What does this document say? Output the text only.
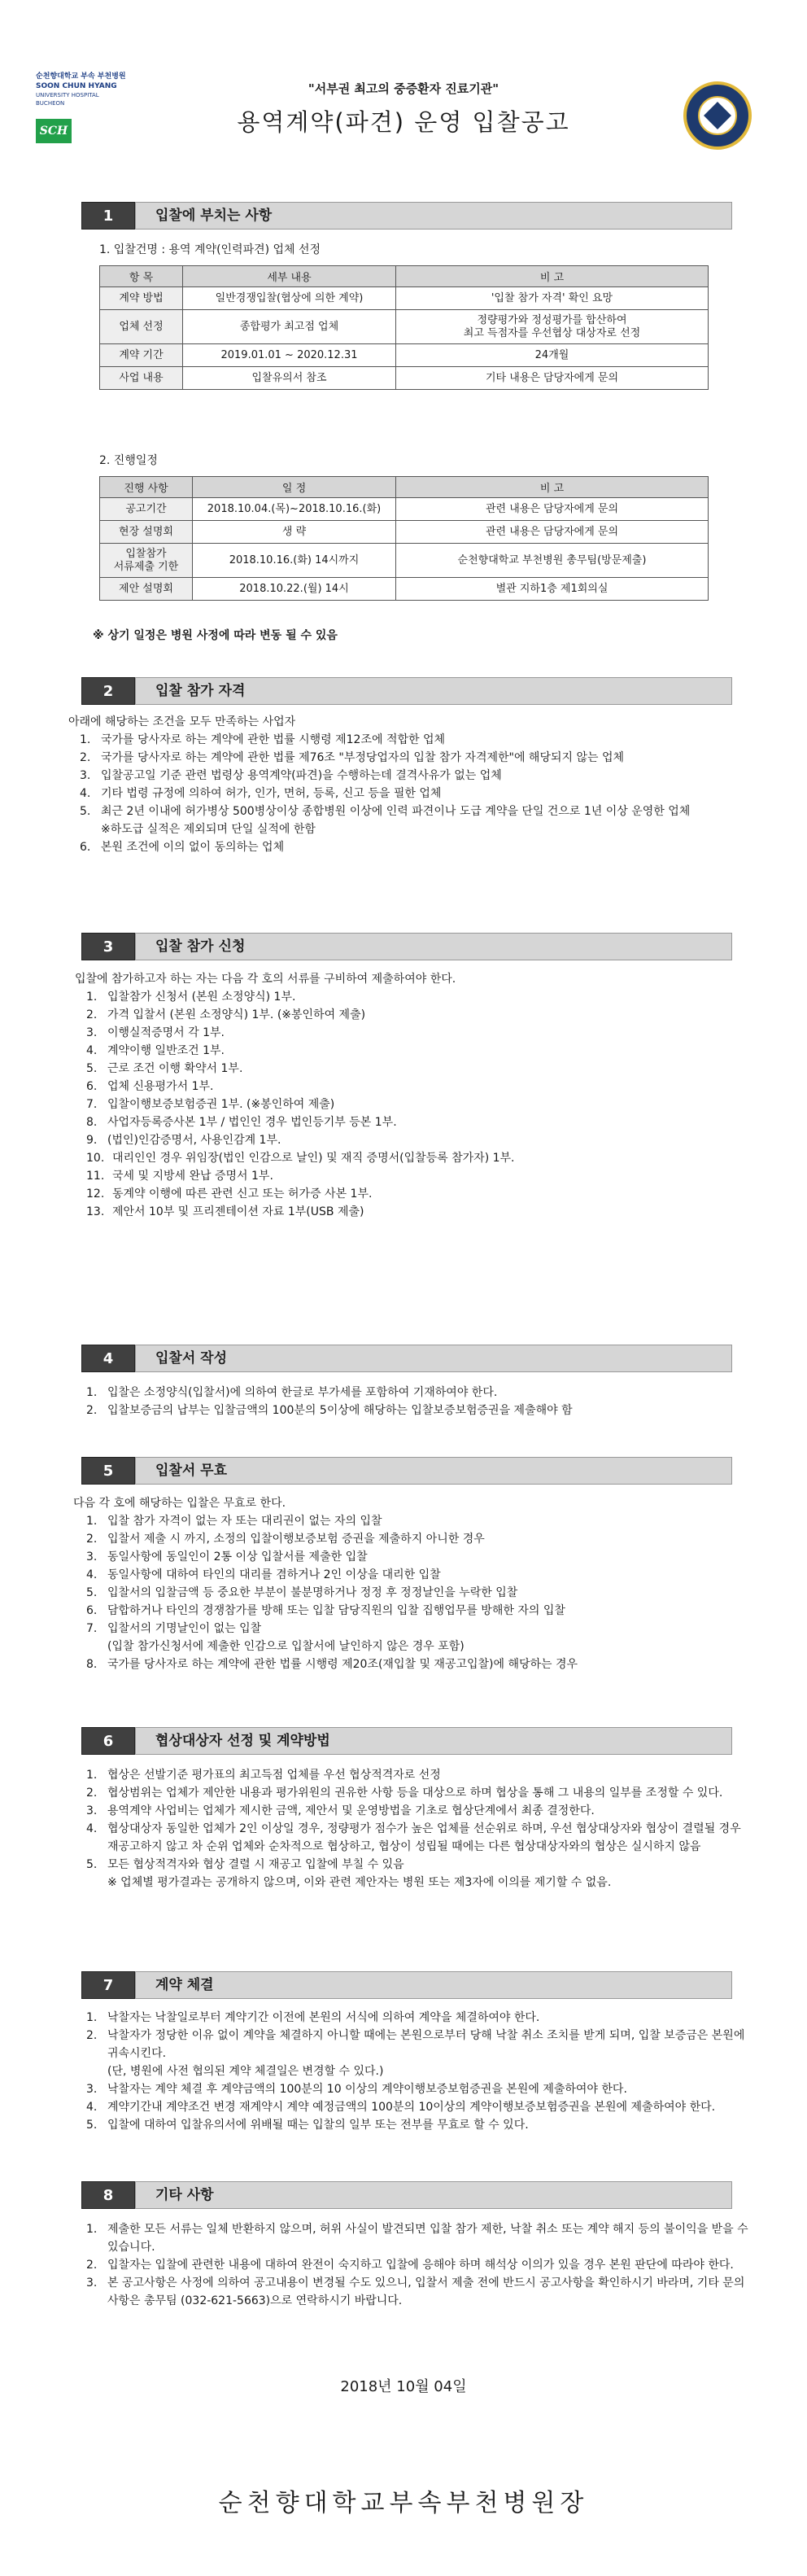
순천향대학교 부속 부천병원
SOON CHUN HYANG
UNIVERSITY HOSPITAL
BUCHEON
SCH
"서부권 최고의 중증환자 진료기관"
용역계약(파견) 운영 입찰공고
1	입찰에 부치는 사항
1. 입찰건명 : 용역 계약(인력파견) 업체 선정
항 목	세부 내용	비 고
계약 방법	일반경쟁입찰(협상에 의한 계약)	'입찰 참가 자격' 확인 요망
업체 선정	종합평가 최고점 업체	정량평가와 정성평가를 합산하여
최고 득점자를 우선협상 대상자로 선정
계약 기간	2019.01.01 ~ 2020.12.31	24개월
사업 내용	입찰유의서 참조	기타 내용은 담당자에게 문의
2. 진행일정
진행 사항	일 정	비 고
공고기간	2018.10.04.(목)~2018.10.16.(화)	관련 내용은 담당자에게 문의
현장 설명회	생 략	관련 내용은 담당자에게 문의
입찰참가
서류제출 기한	2018.10.16.(화) 14시까지	순천향대학교 부천병원 총무팀(방문제출)
제안 설명회	2018.10.22.(월) 14시	별관 지하1층 제1회의실
※ 상기 일정은 병원 사정에 따라 변동 될 수 있음
2	입찰 참가 자격
아래에 해당하는 조건을 모두 만족하는 사업자
1. 국가를 당사자로 하는 계약에 관한 법률 시행령 제12조에 적합한 업체
2. 국가를 당사자로 하는 계약에 관한 법률 제76조 "부정당업자의 입찰 참가 자격제한"에 해당되지 않는 업체
3. 입찰공고일 기준 관련 법령상 용역계약(파견)을 수행하는데 결격사유가 없는 업체
4. 기타 법령 규정에 의하여 허가, 인가, 면허, 등록, 신고 등을 필한 업체
5. 최근 2년 이내에 허가병상 500병상이상 종합병원 이상에 인력 파견이나 도급 계약을 단일 건으로 1년 이상 운영한 업체
※하도급 실적은 제외되며 단일 실적에 한함
6. 본원 조건에 이의 없이 동의하는 업체
3	입찰 참가 신청
입찰에 참가하고자 하는 자는 다음 각 호의 서류를 구비하여 제출하여야 한다.
1. 입찰참가 신청서 (본원 소정양식) 1부.
2. 가격 입찰서 (본원 소정양식) 1부. (※봉인하여 제출)
3. 이행실적증명서 각 1부.
4. 계약이행 일반조건 1부.
5. 근로 조건 이행 확약서 1부.
6. 업체 신용평가서 1부.
7. 입찰이행보증보험증권 1부. (※봉인하여 제출)
8. 사업자등록증사본 1부 / 법인인 경우 법인등기부 등본 1부.
9. (법인)인감증명서, 사용인감계 1부.
10. 대리인인 경우 위임장(법인 인감으로 날인) 및 재직 증명서(입찰등록 참가자) 1부.
11. 국세 및 지방세 완납 증명서 1부.
12. 동계약 이행에 따른 관련 신고 또는 허가증 사본 1부.
13. 제안서 10부 및 프리젠테이션 자료 1부(USB 제출)
4	입찰서 작성
1. 입찰은 소정양식(입찰서)에 의하여 한글로 부가세를 포함하여 기재하여야 한다.
2. 입찰보증금의 납부는 입찰금액의 100분의 5이상에 해당하는 입찰보증보험증권을 제출해야 함
5	입찰서 무효
다음 각 호에 해당하는 입찰은 무효로 한다.
1. 입찰 참가 자격이 없는 자 또는 대리권이 없는 자의 입찰
2. 입찰서 제출 시 까지, 소정의 입찰이행보증보험 증권을 제출하지 아니한 경우
3. 동일사항에 동일인이 2통 이상 입찰서를 제출한 입찰
4. 동일사항에 대하여 타인의 대리를 겸하거나 2인 이상을 대리한 입찰
5. 입찰서의 입찰금액 등 중요한 부분이 불분명하거나 정정 후 정정날인을 누락한 입찰
6. 담합하거나 타인의 경쟁참가를 방해 또는 입찰 담당직원의 입찰 집행업무를 방해한 자의 입찰
7. 입찰서의 기명날인이 없는 입찰
(입찰 참가신청서에 제출한 인감으로 입찰서에 날인하지 않은 경우 포함)
8. 국가를 당사자로 하는 계약에 관한 법률 시행령 제20조(재입찰 및 재공고입찰)에 해당하는 경우
6	협상대상자 선정 및 계약방법
1. 협상은 선발기준 평가표의 최고득점 업체를 우선 협상적격자로 선정
2. 협상범위는 업체가 제안한 내용과 평가위원의 권유한 사항 등을 대상으로 하며 협상을 통해 그 내용의 일부를 조정할 수 있다.
3. 용역계약 사업비는 업체가 제시한 금액, 제안서 및 운영방법을 기초로 협상단계에서 최종 결정한다.
4. 협상대상자 동일한 업체가 2인 이상일 경우, 정량평가 점수가 높은 업체를 선순위로 하며, 우선 협상대상자와 협상이 결렬될 경우 재공고하지 않고 차 순위 업체와 순차적으로 협상하고, 협상이 성립될 때에는 다른 협상대상자와의 협상은 실시하지 않음
5. 모든 협상적격자와 협상 결렬 시 재공고 입찰에 부칠 수 있음
※ 업체별 평가결과는 공개하지 않으며, 이와 관련 제안자는 병원 또는 제3자에 이의를 제기할 수 없음.
7	계약 체결
1. 낙찰자는 낙찰일로부터 계약기간 이전에 본원의 서식에 의하여 계약을 체결하여야 한다.
2. 낙찰자가 정당한 이유 없이 계약을 체결하지 아니할 때에는 본원으로부터 당해 낙찰 취소 조치를 받게 되며, 입찰 보증금은 본원에 귀속시킨다.
(단, 병원에 사전 협의된 계약 체결일은 변경할 수 있다.)
3. 낙찰자는 계약 체결 후 계약금액의 100분의 10 이상의 계약이행보증보험증권을 본원에 제출하여야 한다.
4. 계약기간내 계약조건 변경 재계약시 계약 예정금액의 100분의 10이상의 계약이행보증보험증권을 본원에 제출하여야 한다.
5. 입찰에 대하여 입찰유의서에 위배될 때는 입찰의 일부 또는 전부를 무효로 할 수 있다.
8	기타 사항
1. 제출한 모든 서류는 일체 반환하지 않으며, 허위 사실이 발견되면 입찰 참가 제한, 낙찰 취소 또는 계약 해지 등의 불이익을 받을 수 있습니다.
2. 입찰자는 입찰에 관련한 내용에 대하여 완전이 숙지하고 입찰에 응해야 하며 해석상 이의가 있을 경우 본원 판단에 따라야 한다.
3. 본 공고사항은 사정에 의하여 공고내용이 변경될 수도 있으니, 입찰서 제출 전에 반드시 공고사항을 확인하시기 바라며, 기타 문의 사항은 총무팀 (032-621-5663)으로 연락하시기 바랍니다.
2018년 10월 04일
순천향대학교부속부천병원장
